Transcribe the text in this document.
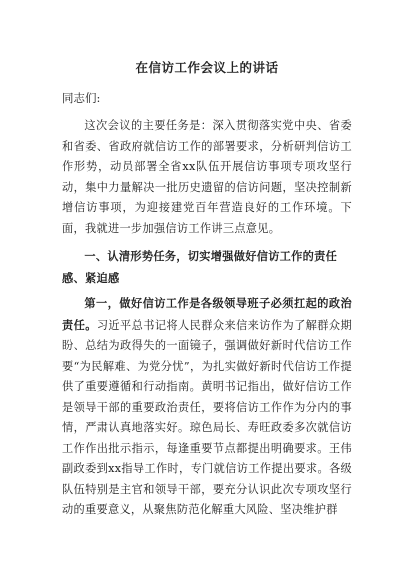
在信访工作会议上的讲话
同志们:

这次会议的主要任务是：深入贯彻落实党中央、省委和省委、省政府就信访工作的部署要求，分析研判信访工作形势，动员部署全省xx队伍开展信访事项专项攻坚行动，集中力量解决一批历史遗留的信访问题，坚决控制新增信访事项，为迎接建党百年营造良好的工作环境。下面，我就进一步加强信访工作讲三点意见。

一、认清形势任务，切实增强做好信访工作的责任感、紧迫感

第一，做好信访工作是各级领导班子必须扛起的政治责任。习近平总书记将人民群众来信来访作为了解群众期盼、总结为政得失的一面镜子，强调做好新时代信访工作要“为民解难、为党分忧”，为扎实做好新时代信访工作提供了重要遵循和行动指南。黄明书记指出，做好信访工作是领导干部的重要政治责任，要将信访工作作为分内的事情，严肃认真地落实好。琼色局长、寿旺政委多次就信访工作作出批示指示，每逢重要节点都提出明确要求。王伟副政委到xx指导工作时，专门就信访工作提出要求。各级队伍特别是主官和领导干部，要充分认识此次专项攻坚行动的重要意义，从聚焦防范化解重大风险、坚决维护群
